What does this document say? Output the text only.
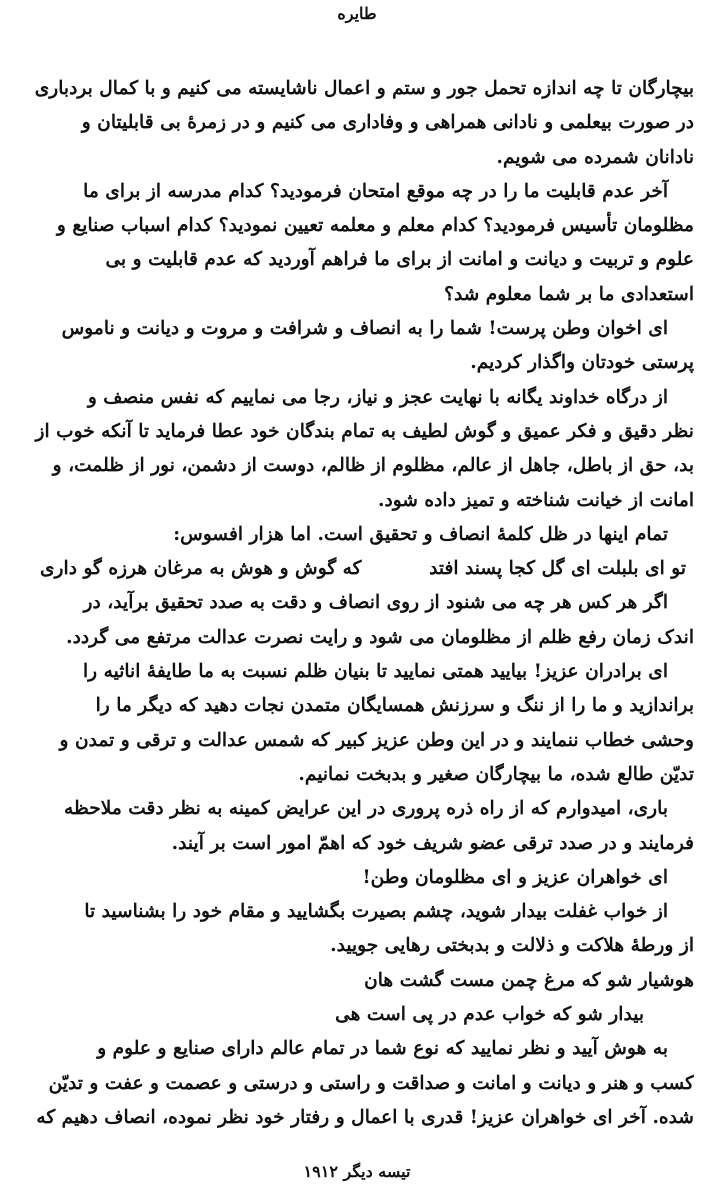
طایره
بیچارگان تا چه اندازه تحمل جور و ستم و اعمال ناشایسته می کنیم و با کمال بردباری
در صورت بیعلمی و نادانی همراهی و وفاداری می کنیم و در زمرهٔ بی قابلیتان و
نادانان شمرده می شویم.
آخر عدم قابلیت ما را در چه موقع امتحان فرمودید؟ کدام مدرسه از برای ما
مظلومان تأسیس فرمودید؟ کدام معلم و معلمه تعیین نمودید؟ کدام اسباب صنایع و
علوم و تربیت و دیانت و امانت از برای ما فراهم آوردید که عدم قابلیت و بی
استعدادی ما بر شما معلوم شد؟
ای اخوان وطن پرست! شما را به انصاف و شرافت و مروت و دیانت و ناموس
پرستی خودتان واگذار کردیم.
از درگاه خداوند یگانه با نهایت عجز و نیاز، رجا می نماییم که نفس منصف و
نظر دقیق و فکر عمیق و گوش لطیف به تمام بندگان خود عطا فرماید تا آنکه خوب از
بد، حق از باطل، جاهل از عالم، مظلوم از ظالم، دوست از دشمن، نور از ظلمت، و
امانت از خیانت شناخته و تمیز داده شود.
تمام اینها در ظل کلمهٔ انصاف و تحقیق است. اما هزار افسوس:
تو ای بلبلت ای گل کجا پسند افتد
که گوش و هوش به مرغان هرزه گو داری
اگر هر کس هر چه می شنود از روی انصاف و دقت به صدد تحقیق برآید، در
اندک زمان رفع ظلم از مظلومان می شود و رایت نصرت عدالت مرتفع می گردد.
ای برادران عزیز! بیایید همتی نمایید تا بنیان ظلم نسبت به ما طایفهٔ اناثیه را
براندازید و ما را از ننگ و سرزنش همسایگان متمدن نجات دهید که دیگر ما را
وحشی خطاب ننمایند و در این وطن عزیز کبیر که شمس عدالت و ترقی و تمدن و
تدیّن طالع شده، ما بیچارگان صغیر و بدبخت نمانیم.
باری، امیدوارم که از راه ذره پروری در این عرایض کمینه به نظر دقت ملاحظه
فرمایند و در صدد ترقی عضو شریف خود که اهمّ امور است بر آیند.
ای خواهران عزیز و ای مظلومان وطن!
از خواب غفلت بیدار شوید، چشم بصیرت بگشایید و مقام خود را بشناسید تا
از ورطهٔ هلاکت و ذلالت و بدبختی رهایی جویید.
هوشیار شو که مرغ چمن مست گشت هان
بیدار شو که خواب عدم در پی است هی
به هوش آیید و نظر نمایید که نوع شما در تمام عالم دارای صنایع و علوم و
کسب و هنر و دیانت و امانت و صداقت و راستی و درستی و عصمت و عفت و تدیّن
شده. آخر ای خواهران عزیز! قدری با اعمال و رفتار خود نظر نموده، انصاف دهیم که
تیسه دیگر ۱۹۱۲
